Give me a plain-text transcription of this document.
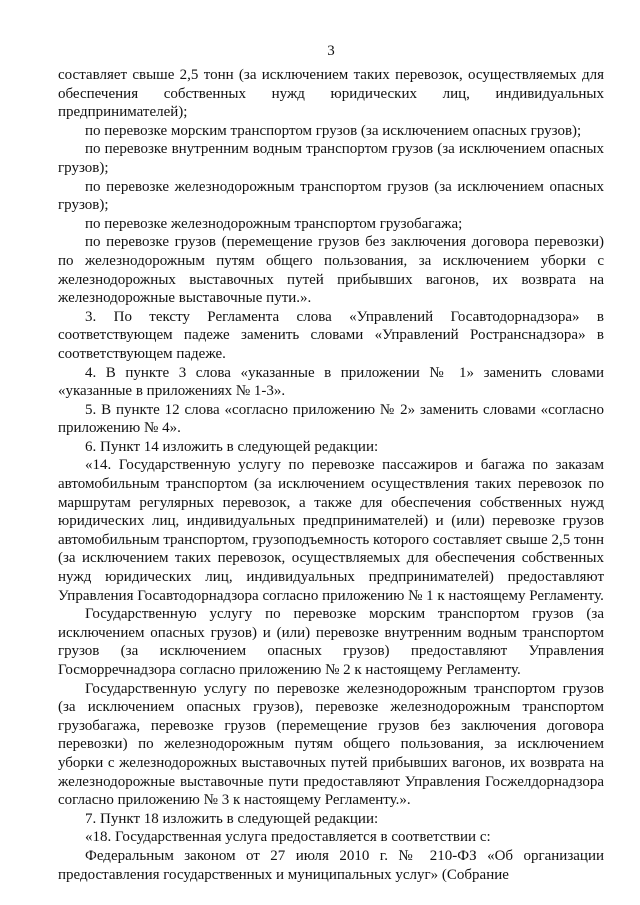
3

составляет свыше 2,5 тонн (за исключением таких перевозок, осуществляемых для обеспечения собственных нужд юридических лиц, индивидуальных предпринимателей);

по перевозке морским транспортом грузов (за исключением опасных грузов);

по перевозке внутренним водным транспортом грузов (за исключением опасных грузов);

по перевозке железнодорожным транспортом грузов (за исключением опасных грузов);

по перевозке железнодорожным транспортом грузобагажа;

по перевозке грузов (перемещение грузов без заключения договора перевозки) по железнодорожным путям общего пользования, за исключением уборки с железнодорожных выставочных путей прибывших вагонов, их возврата на железнодорожные выставочные пути.».

3. По тексту Регламента слова «Управлений Госавтодорнадзора» в соответствующем падеже заменить словами «Управлений Ространснадзора» в соответствующем падеже.

4. В пункте 3 слова «указанные в приложении № 1» заменить словами «указанные в приложениях № 1-3».

5. В пункте 12 слова «согласно приложению № 2» заменить словами «согласно приложению № 4».

6. Пункт 14 изложить в следующей редакции:

«14. Государственную услугу по перевозке пассажиров и багажа по заказам автомобильным транспортом (за исключением осуществления таких перевозок по маршрутам регулярных перевозок, а также для обеспечения собственных нужд юридических лиц, индивидуальных предпринимателей) и (или) перевозке грузов автомобильным транспортом, грузоподъемность которого составляет свыше 2,5 тонн (за исключением таких перевозок, осуществляемых для обеспечения собственных нужд юридических лиц, индивидуальных предпринимателей) предоставляют Управления Госавтодорнадзора согласно приложению № 1 к настоящему Регламенту.

Государственную услугу по перевозке морским транспортом грузов (за исключением опасных грузов) и (или) перевозке внутренним водным транспортом грузов (за исключением опасных грузов) предоставляют Управления Госморречнадзора согласно приложению № 2 к настоящему Регламенту.

Государственную услугу по перевозке железнодорожным транспортом грузов (за исключением опасных грузов), перевозке железнодорожным транспортом грузобагажа, перевозке грузов (перемещение грузов без заключения договора перевозки) по железнодорожным путям общего пользования, за исключением уборки с железнодорожных выставочных путей прибывших вагонов, их возврата на железнодорожные выставочные пути предоставляют Управления Госжелдорнадзора согласно приложению № 3 к настоящему Регламенту.».

7. Пункт 18 изложить в следующей редакции:

«18. Государственная услуга предоставляется в соответствии с:

Федеральным законом от 27 июля 2010 г. № 210-ФЗ «Об организации предоставления государственных и муниципальных услуг» (Собрание
